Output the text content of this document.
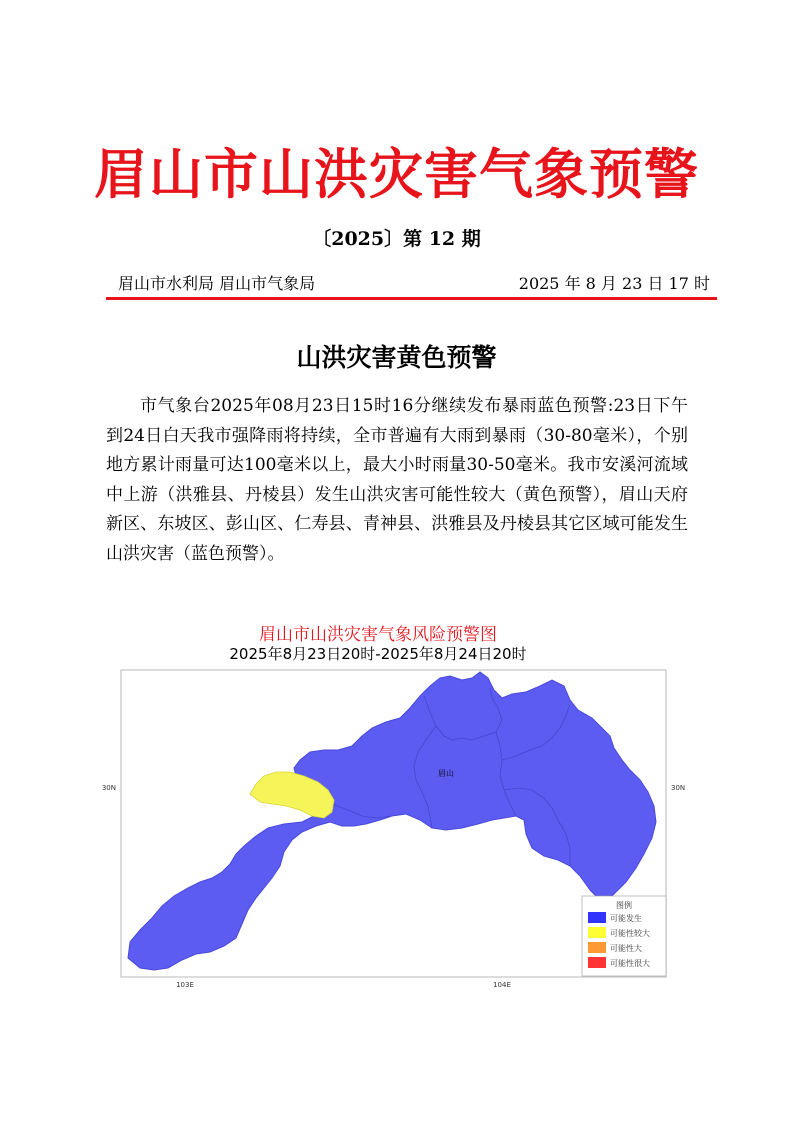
眉山市山洪灾害气象预警
〔2025〕第 12 期
眉山市水利局 眉山市气象局	2025 年 8 月 23 日 17 时
山洪灾害黄色预警
市气象台2025年08月23日15时16分继续发布暴雨蓝色预警:23日下午到24日白天我市强降雨将持续，全市普遍有大雨到暴雨（30-80毫米），个别地方累计雨量可达100毫米以上，最大小时雨量30-50毫米。我市安溪河流域中上游（洪雅县、丹棱县）发生山洪灾害可能性较大（黄色预警），眉山天府新区、东坡区、彭山区、仁寿县、青神县、洪雅县及丹棱县其它区域可能发生山洪灾害（蓝色预警）。
眉山市山洪灾害气象风险预警图
2025年8月23日20时-2025年8月24日20时
眉山
30N	30N
103E	104E
图例
可能发生
可能性较大
可能性大
可能性很大
